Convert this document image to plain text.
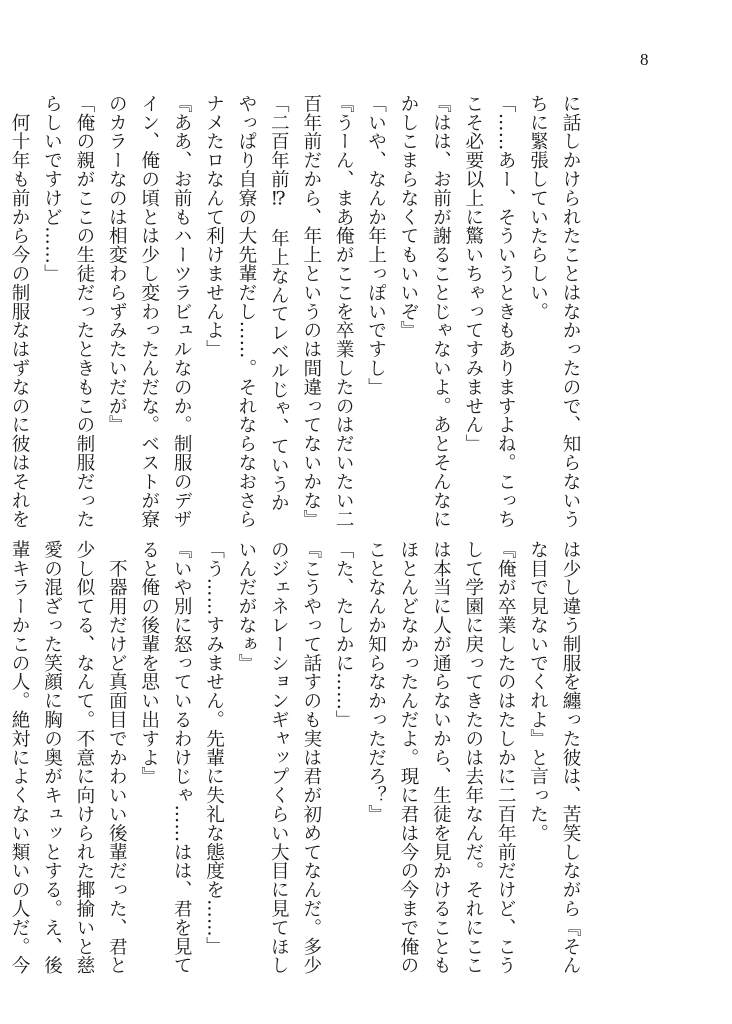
8
に話しかけられたことはなかったので、知らないう
ちに緊張していたらしい。
「……あー、そういうときもありますよね。こっち
こそ必要以上に驚いちゃってすみません」
『はは、お前が謝ることじゃないよ。あとそんなに
かしこまらなくてもいいぞ』
「いや、なんか年上っぽいですし」
『うーん、まあ俺がここを卒業したのはだいたい二
百年前だから、年上というのは間違ってないかな』
「二百年前⁉　年上なんてレベルじゃ、ていうか
やっぱり自寮の大先輩だし……。それならなおさら
ナメたロなんて利けませんよ」
『ああ、お前もハーツラビュルなのか。制服のデザ
イン、俺の頃とは少し変わったんだな。ベストが寮
のカラーなのは相変わらずみたいだが』
「俺の親がここの生徒だったときもこの制服だった
らしいですけど……」
　何十年も前から今の制服なはずなのに彼はそれを
は少し違う制服を纏った彼は、苦笑しながら『そん
な目で見ないでくれよ』と言った。
『俺が卒業したのはたしかに二百年前だけど、こう
して学園に戻ってきたのは去年なんだ。それにここ
は本当に人が通らないから、生徒を見かけることも
ほとんどなかったんだよ。現に君は今の今まで俺の
ことなんか知らなかっただろ？』
「た、たしかに……」
『こうやって話すのも実は君が初めてなんだ。多少
のジェネレーションギャップくらい大目に見てほし
いんだがなぁ』
「う……すみません。先輩に失礼な態度を……」
『いや別に怒っているわけじゃ……はは、君を見て
ると俺の後輩を思い出すよ』
　不器用だけど真面目でかわいい後輩だった、君と
少し似てる、なんて。不意に向けられた揶揄いと慈
愛の混ざった笑顔に胸の奥がキュッとする。え、後
輩キラーかこの人。絶対によくない類いの人だ。今
